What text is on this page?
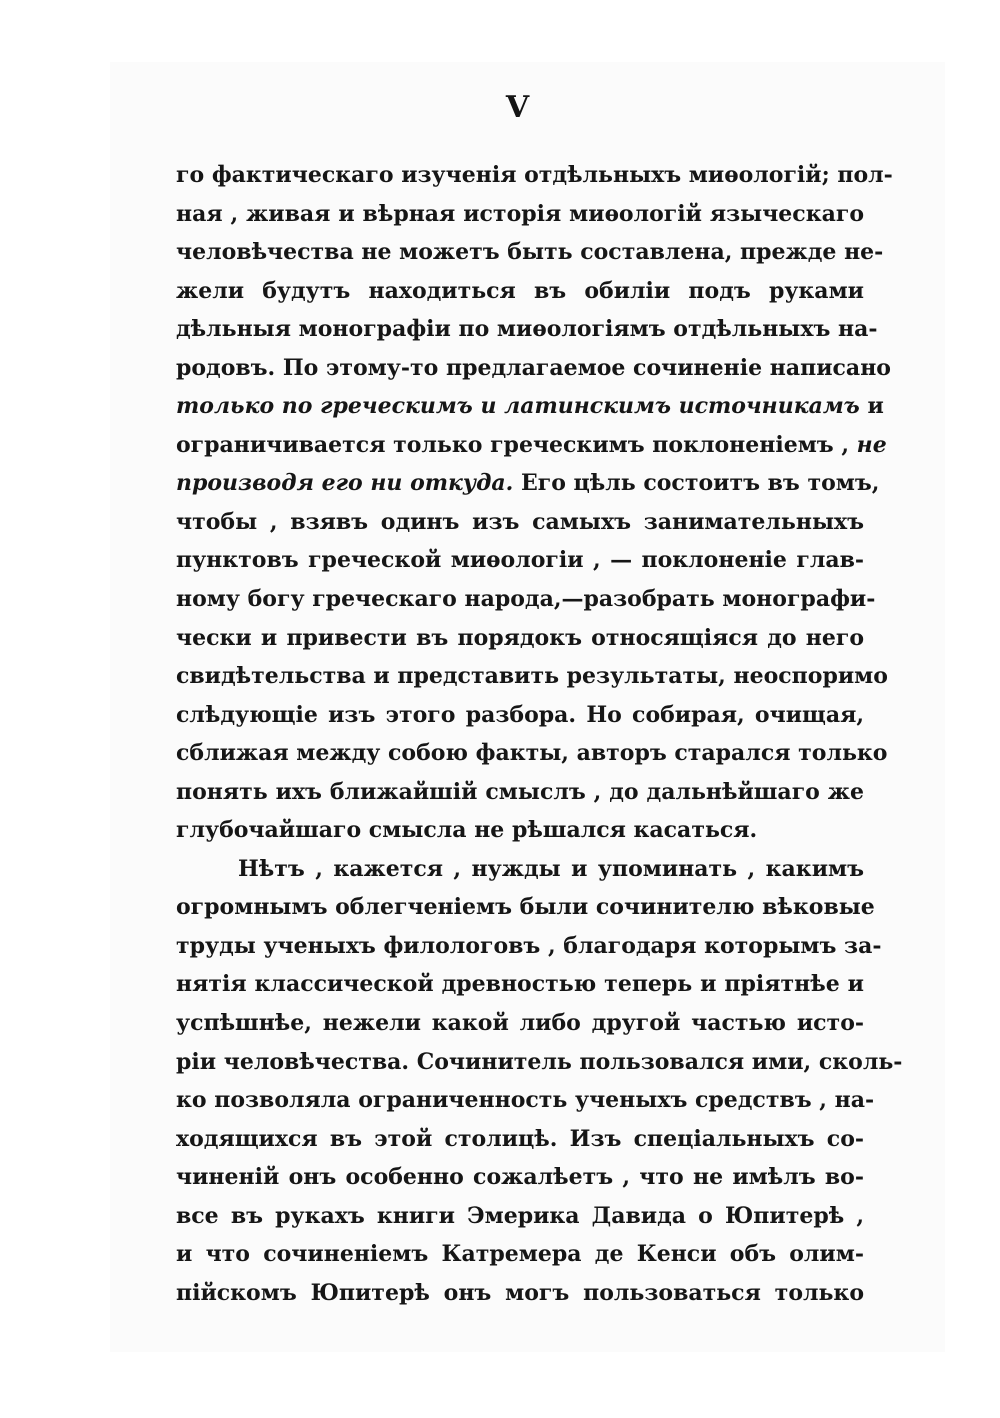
V
го фактическаго изученія отдѣльныхъ миѳологій; пол-
ная , живая и вѣрная исторія миѳологій языческаго
человѣчества не можетъ быть составлена, прежде не-
жели будутъ находиться въ обиліи подъ руками
дѣльныя монографіи по миѳологіямъ отдѣльныхъ на-
родовъ. По этому-то предлагаемое сочиненіе написано
только по греческимъ и латинскимъ источникамъ и
ограничивается только греческимъ поклоненіемъ , не
производя его ни откуда. Его цѣль состоитъ въ томъ,
чтобы , взявъ одинъ изъ самыхъ занимательныхъ
пунктовъ греческой миѳологіи , — поклоненіе глав-
ному богу греческаго народа,—разобрать монографи-
чески и привести въ порядокъ относящіяся до него
свидѣтельства и представить результаты, неоспоримо
слѣдующіе изъ этого разбора. Но собирая, очищая,
сближая между собою факты, авторъ старался только
понять ихъ ближайшій смыслъ , до дальнѣйшаго же
глубочайшаго смысла не рѣшался касаться.
Нѣтъ , кажется , нужды и упоминать , какимъ
огромнымъ облегченіемъ были сочинителю вѣковые
труды ученыхъ филологовъ , благодаря которымъ за-
нятія классической древностью теперь и пріятнѣе и
успѣшнѣе, нежели какой либо другой частью исто-
ріи человѣчества. Сочинитель пользовался ими, сколь-
ко позволяла ограниченность ученыхъ средствъ , на-
ходящихся въ этой столицѣ. Изъ спеціальныхъ со-
чиненій онъ особенно сожалѣетъ , что не имѣлъ во-
все въ рукахъ книги Эмерика Давида о Юпитерѣ ,
и что сочиненіемъ Катремера де Кенси объ олим-
пійскомъ Юпитерѣ онъ могъ пользоваться только
